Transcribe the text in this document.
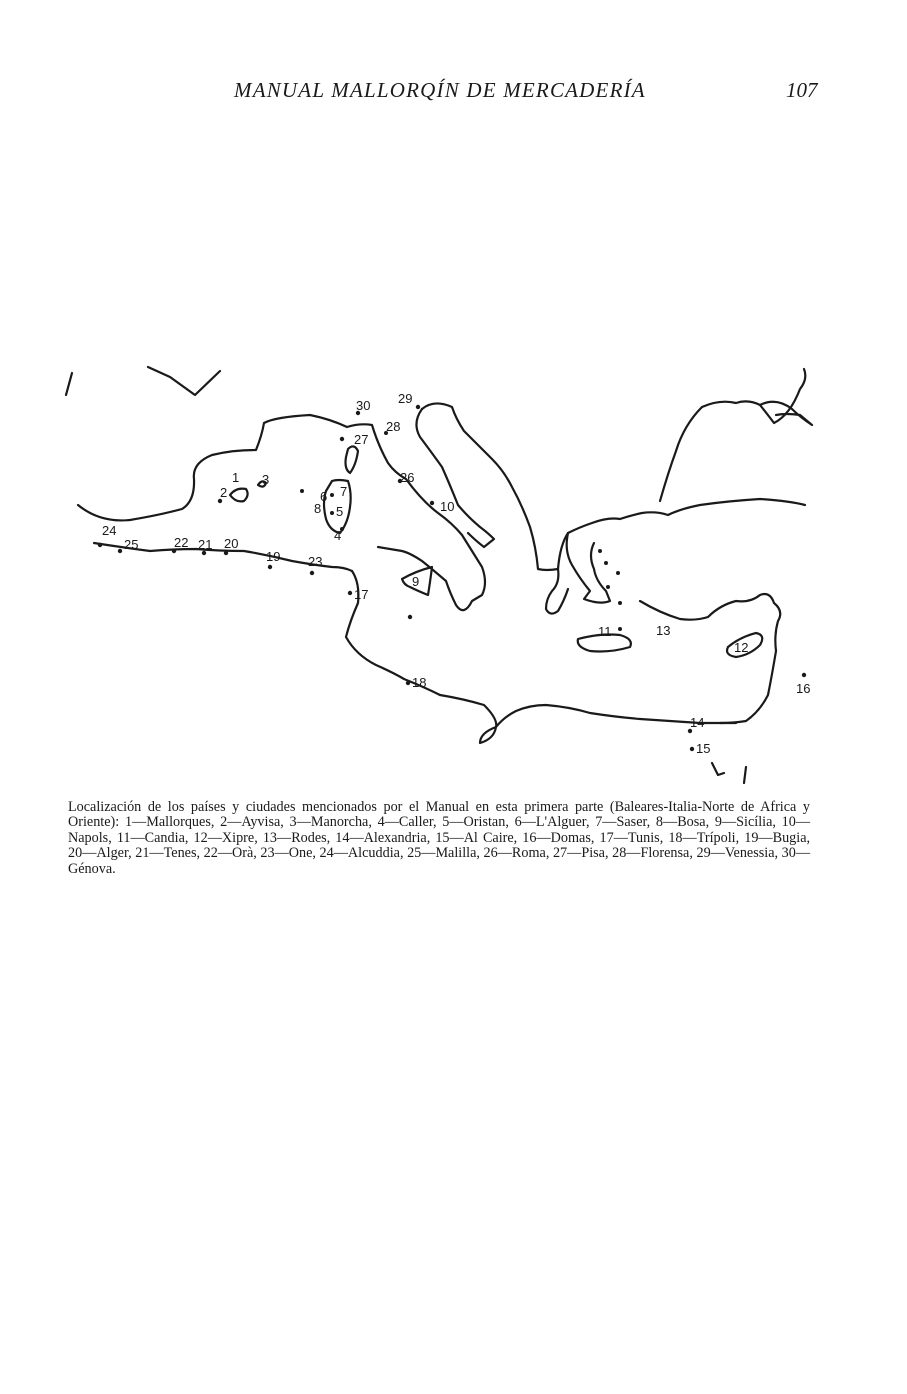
MANUAL MALLORQÍN DE MERCADERÍA	107
1
2
3
4
5
6 7
8
9
10
11
12
13
14
15
16
17
18
19
20
21
22
23
24
25
26
27
28
29
30

Localización de los países y ciudades mencionados por el Manual en esta primera parte (Baleares-Italia-Norte de Africa y Oriente): 1—Mallorques, 2—Ayvisa, 3—Manorcha, 4—Caller, 5—Oristan, 6—L'Alguer, 7—Saser, 8—Bosa, 9—Sicília, 10—Napols, 11—Candia, 12—Xipre, 13—Rodes, 14—Alexandria, 15—Al Caire, 16—Domas, 17—Tunis, 18—Trípoli, 19—Bugia, 20—Alger, 21—Tenes, 22—Orà, 23—One, 24—Alcuddia, 25—Malilla, 26—Roma, 27—Pisa, 28—Florensa, 29—Venessia, 30—Génova.
